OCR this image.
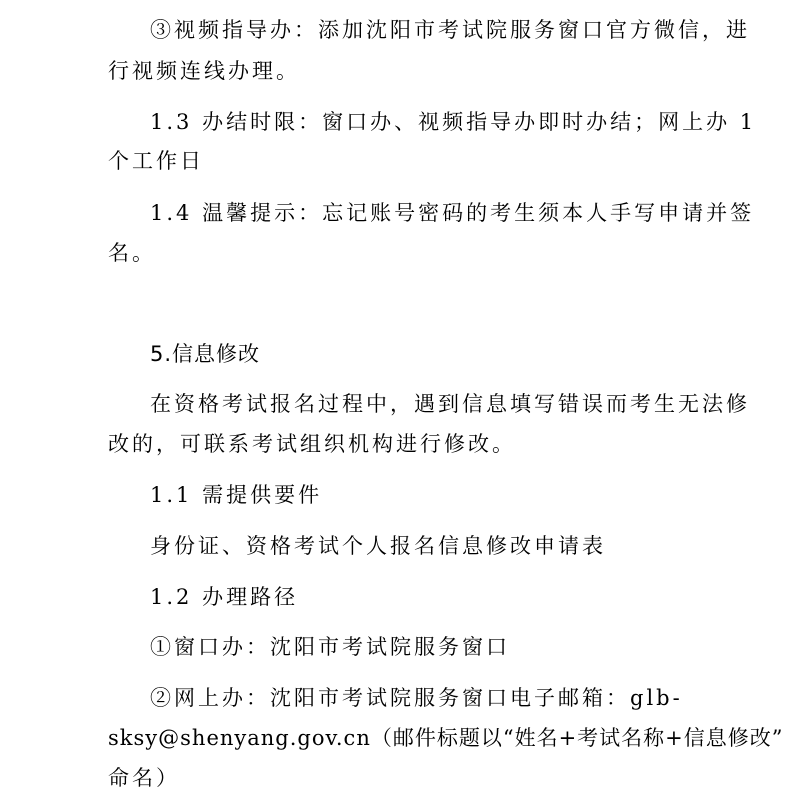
③视频指导办：添加沈阳市考试院服务窗口官方微信，进
行视频连线办理。
1.3 办结时限：窗口办、视频指导办即时办结；网上办 1
个工作日
1.4 温馨提示：忘记账号密码的考生须本人手写申请并签
名。
5.信息修改
在资格考试报名过程中，遇到信息填写错误而考生无法修
改的，可联系考试组织机构进行修改。
1.1 需提供要件
身份证、资格考试个人报名信息修改申请表
1.2 办理路径
①窗口办：沈阳市考试院服务窗口
②网上办：沈阳市考试院服务窗口电子邮箱：glb-
sksy@shenyang.gov.cn（邮件标题以“姓名+考试名称+信息修改”
命名）
